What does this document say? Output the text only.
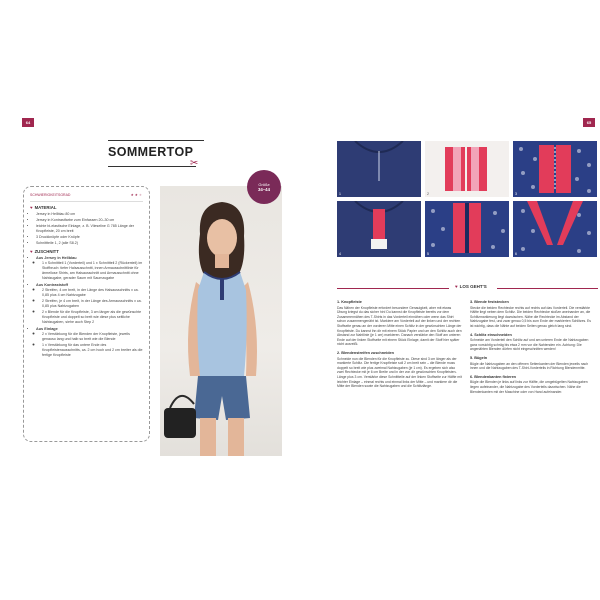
64	65
SOMMERTOP
✂
SCHWIERIGKEITSGRAD	★★★
♥ MATERIAL
• Jersey in Hellblau 80 cm
• Jersey in Kontrastfarbe zum Einfassen 20–30 cm
• leichte bi-elastische Einlage, z. B. Vlieseline G 785 Länge der Knopfleiste, 20 cm breit
• 3 Druckknöpfe oder Knöpfe
• Schnittteile 1, 2 (alle S8.2)
♥ ZUSCHNITT
• Aus Jersey in Hellblau
◦ 1 x Schnittteil 1 (Vorderteil) und 1 x Schnittteil 2 (Rückenteil) im Stoffbruch: tiefer Halsausschnitt, innen Armausschnittlinie für ärmellose Shirts, am Halsausschnitt und Armausschnitt ohne Nahtzugabe, gerader Saum mit Saumzugabe
• Aus Kontraststoff
◦ 2 Streifen, 4 cm breit, in der Länge des Halsausschnitts x ca. 0,85 plus 4 cm Nahtzugabe
◦ 2 Streifen, je 4 cm breit, in der Länge des Armausschnitts x ca. 0,85 plus Nahtzugaben
◦ 2 x Blende für die Knopfleiste, 3 cm länger als die gewünschte Knopfleiste und doppelt so breit wie diese plus seitliche Nahtzugaben, siehe auch Step 2
• Aus Einlage
◦ 2 x Verstärkung für die Blenden der Knopfleiste, jeweils genauso lang und halb so breit wie die Blende
◦ 1 x Verstärkung für das untere Ende des Knopfleistenausschnitts, ca. 2 cm hoch und 2 cm breiter als die fertige Knopfleiste
Größe
34–44
1	2	3
4	5	6
♥ LOS GEHT'S
1. Knopfleiste
Das Nähen der Knopfleiste erfordert besondere Genauigkeit, aber mit etwas Übung kriegst du das sicher hin! Du kannst die Knopfleiste bereits vor dem Zusammennähen des T-Shirts in das Vorderteil einnähen oder wenn das Shirt schon zusammengenäht ist. Markiere am Vorderteil auf der linken und der rechten Stoffseite genau an der vorderen Mitte einen Schlitz in der gewünschten Länge der Knopfleiste. Du kannst ihn dir mit einem Stück Papier und um den Schlitz auch den Abstand zur Nahtlinie (je 1 cm) markieren. Danach verstärke den Stoff am unteren Ende auf der linken Stoffseite mit einem Stück Einlage, damit der Stoff hier später nicht ausreißt.
2. Blendenstreifen zuschneiden
Schneide nun die Blenden für die Knopfleiste zu. Diese sind 3 cm länger als der markierte Schlitz. Die fertige Knopfleiste soll 2 cm breit sein – die Blende muss doppelt so breit wie plus zweimal Nahtzugaben (je 1 cm). Es ergeben sich also zwei Rechtecke mit je 6 cm Breite und in der von dir gewünschten Knopfleisten-Länge plus 3 cm. Verstärke diese Schnittteile auf der linken Stoffseite zur Hälfte mit leichter Einlage – einmal rechts und einmal links der Mitte – und markiere dir die Mitte der Blenden sowie die Nahtzugaben und die Schlitzlänge.
3. Blende feststecken
Stecke die beiden Rechtecke rechts auf rechts auf das Vorderteil. Die verstärkte Hälfte liegt neben dem Schlitz. Die beiden Rechtecke stoßen aneinander an, die Schlitzmarkierung liegt dazwischen. Nähe die Rechtecke im Abstand der Nahtzugabe fest, und zwar genau 0,5 bis zum Ende der markierten Schlitzes. Es ist wichtig, dass die Nähte auf beiden Seiten genau gleich lang sind.
4. Schlitz einschneiden
Schneide am Vorderteil den Schlitz auf und am unteren Ende die Nahtzugaben ganz vorsichtig schräg bis etwa 2 mm vor die Nahtenden ein. Achtung: Die angenähten Blenden dürfen nicht eingeschnitten werden!
5. Bügeln
Bügle die Nahtzugaben an den offenen Seitenkanten der Blenden jeweils nach innen und die Nahtzugaben des T-Shirt-Vorderteils in Richtung Blendenmitte.
6. Blendenkanten fixieren
Bügle die Blenden je links auf links zur Hälfte, die umgebügelten Nahtzugaben liegen aufeinander, die Nahtzugabe des Vorderteils dazwischen. Nähe die Blendenkanten mit der Maschine oder von Hand aufeinander.
